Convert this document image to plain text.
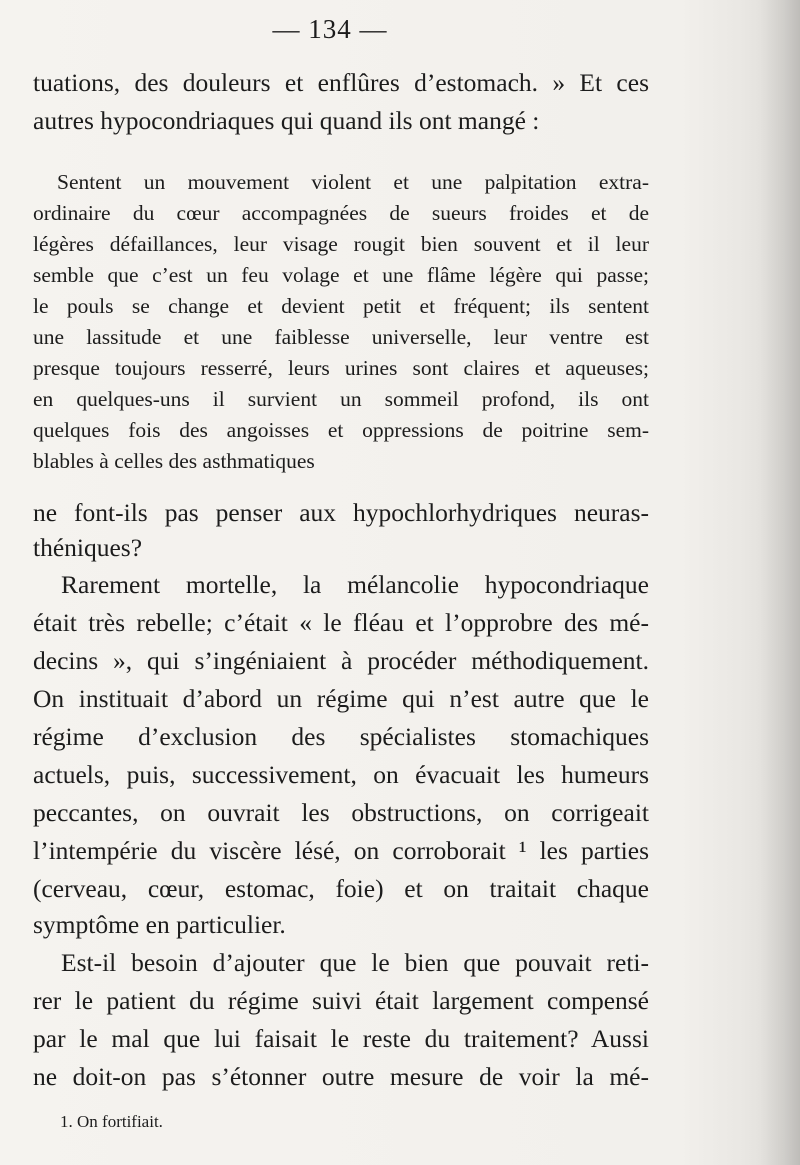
— 134 —

tuations, des douleurs et enflûres d’estomach. » Et ces

autres hypocondriaques qui quand ils ont mangé :

Sentent un mouvement violent et une palpitation extra-

ordinaire du cœur accompagnées de sueurs froides et de

légères défaillances, leur visage rougit bien souvent et il leur

semble que c’est un feu volage et une flâme légère qui passe;

le pouls se change et devient petit et fréquent; ils sentent

une lassitude et une faiblesse universelle, leur ventre est

presque toujours resserré, leurs urines sont claires et aqueuses;

en quelques-uns il survient un sommeil profond, ils ont

quelques fois des angoisses et oppressions de poitrine sem-

blables à celles des asthmatiques

ne font-ils pas penser aux hypochlorhydriques neuras-

théniques?

Rarement mortelle, la mélancolie hypocondriaque

était très rebelle; c’était « le fléau et l’opprobre des mé-

decins », qui s’ingéniaient à procéder méthodiquement.

On instituait d’abord un régime qui n’est autre que le

régime d’exclusion des spécialistes stomachiques

actuels, puis, successivement, on évacuait les humeurs

peccantes, on ouvrait les obstructions, on corrigeait

l’intempérie du viscère lésé, on corroborait ¹ les parties

(cerveau, cœur, estomac, foie) et on traitait chaque

symptôme en particulier.

Est-il besoin d’ajouter que le bien que pouvait reti-

rer le patient du régime suivi était largement compensé

par le mal que lui faisait le reste du traitement? Aussi

ne doit-on pas s’étonner outre mesure de voir la mé-

1. On fortifiait.
